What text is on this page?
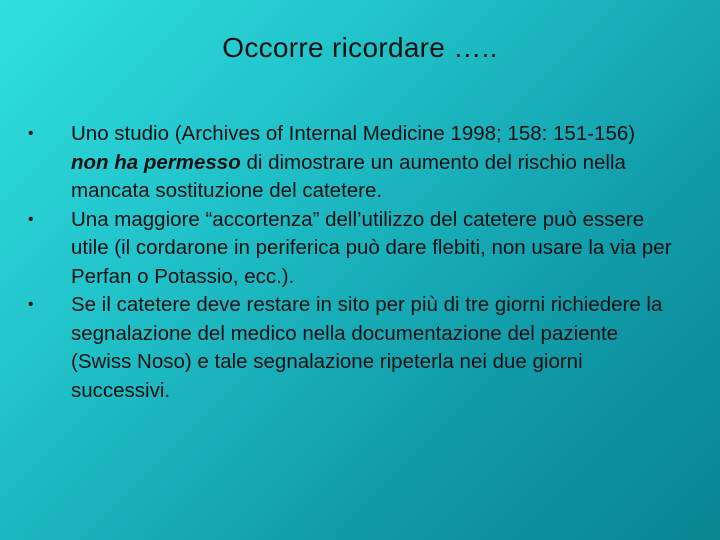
Occorre ricordare …..
•	Uno studio (Archives of Internal Medicine 1998; 158: 151-156) non ha permesso di dimostrare un aumento del rischio nella mancata sostituzione del catetere.
•	Una maggiore “accortenza” dell’utilizzo del catetere può essere utile (il cordarone in periferica può dare flebiti, non usare la via per Perfan o Potassio, ecc.).
•	Se il catetere deve restare in sito per più di tre giorni richiedere la segnalazione del medico nella documentazione del paziente (Swiss Noso) e tale segnalazione ripeterla nei due giorni successivi.
